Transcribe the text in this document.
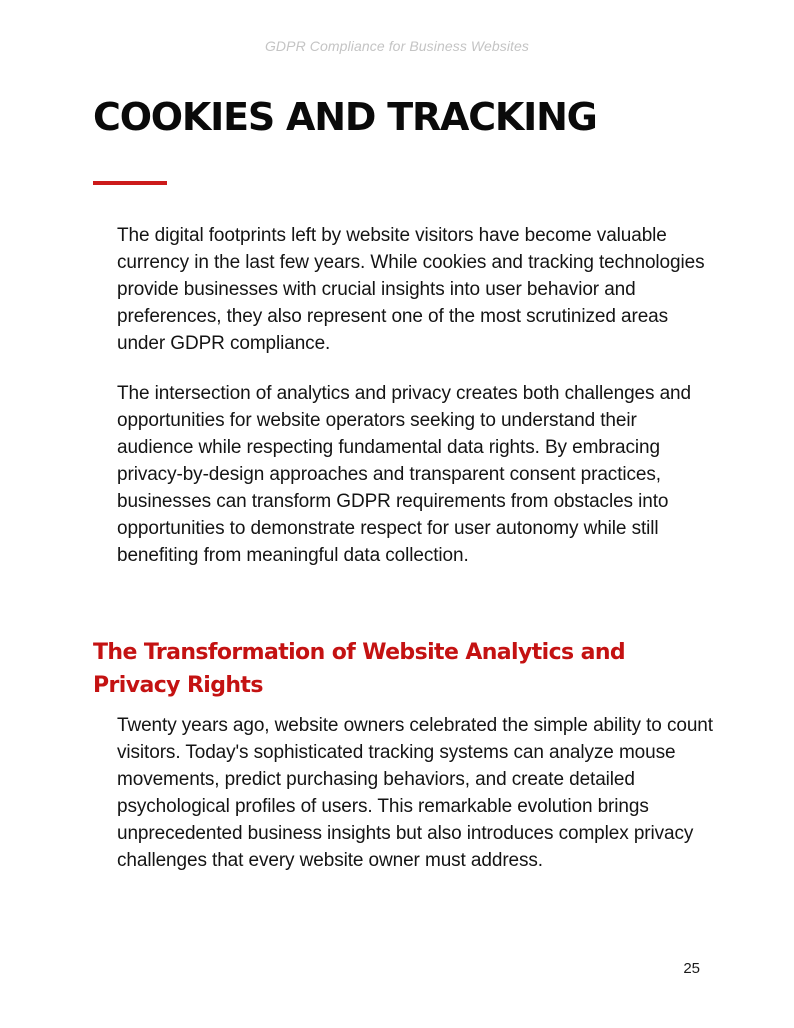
GDPR Compliance for Business Websites
COOKIES AND TRACKING

The digital footprints left by website visitors have become valuable currency in the last few years. While cookies and tracking technologies provide businesses with crucial insights into user behavior and preferences, they also represent one of the most scrutinized areas under GDPR compliance.

The intersection of analytics and privacy creates both challenges and opportunities for website operators seeking to understand their audience while respecting fundamental data rights. By embracing privacy-by-design approaches and transparent consent practices, businesses can transform GDPR requirements from obstacles into opportunities to demonstrate respect for user autonomy while still benefiting from meaningful data collection.

The Transformation of Website Analytics and Privacy Rights

Twenty years ago, website owners celebrated the simple ability to count visitors. Today's sophisticated tracking systems can analyze mouse movements, predict purchasing behaviors, and create detailed psychological profiles of users. This remarkable evolution brings unprecedented business insights but also introduces complex privacy challenges that every website owner must address.

25
